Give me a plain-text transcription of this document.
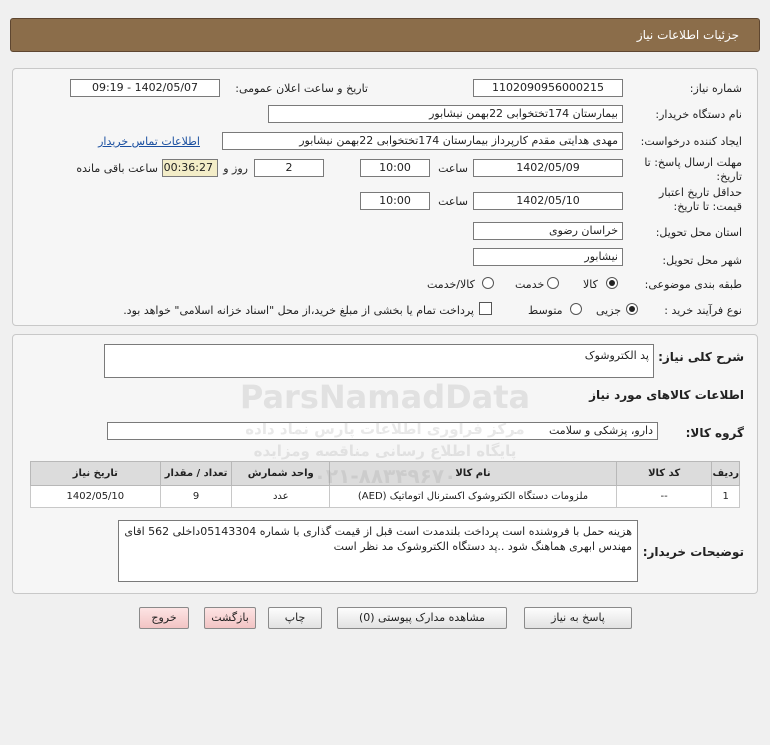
جزئیات اطلاعات نیاز
شماره نیاز:
1102090956000215
تاریخ و ساعت اعلان عمومی:
1402/05/07 - 09:19
نام دستگاه خریدار:
بیمارستان 174تختخوابی 22بهمن نیشابور
ایجاد کننده درخواست:
مهدی هدایتی مقدم کارپرداز بیمارستان 174تختخوابی 22بهمن نیشابور
اطلاعات تماس خریدار
مهلت ارسال پاسخ: تا
تاریخ:
1402/05/09
ساعت
10:00
2
روز و
00:36:27
ساعت باقی مانده
حداقل تاریخ اعتبار
قیمت: تا تاریخ:
1402/05/10
ساعت
10:00
استان محل تحویل:
خراسان رضوی
شهر محل تحویل:
نیشابور
طبقه بندی موضوعی:
کالا
خدمت
کالا/خدمت
نوع فرآیند خرید :
جزیی
متوسط
پرداخت تمام یا بخشی از مبلغ خرید،از محل "اسناد خزانه اسلامی" خواهد بود.
شرح کلی نیاز:
پد الکتروشوک
اطلاعات کالاهای مورد نیاز
گروه کالا:
دارو، پزشکی و سلامت
ردیف	کد کالا	نام کالا	واحد شمارش	تعداد / مقدار	تاریخ نیاز
1	--	ملزومات دستگاه الکتروشوک اکسترنال اتوماتیک (AED)	عدد	9	1402/05/10
توضیحات خریدار:
هزینه حمل با فروشنده است پرداخت بلندمدت است قبل از قیمت گذاری با شماره 05143304داخلی 562 اقای مهندس ابهری هماهنگ شود ..پد دستگاه الکتروشوک مد نظر است
ParsNamadData
مرکز فراوری اطلاعات پارس نماد داده
پایگاه اطلاع رسانی مناقصه ومزایده
۰۲۱-۸۸۳۴۹۶۷۰
پاسخ به نیاز
مشاهده مدارک پیوستی (0)
چاپ
بازگشت
خروج
